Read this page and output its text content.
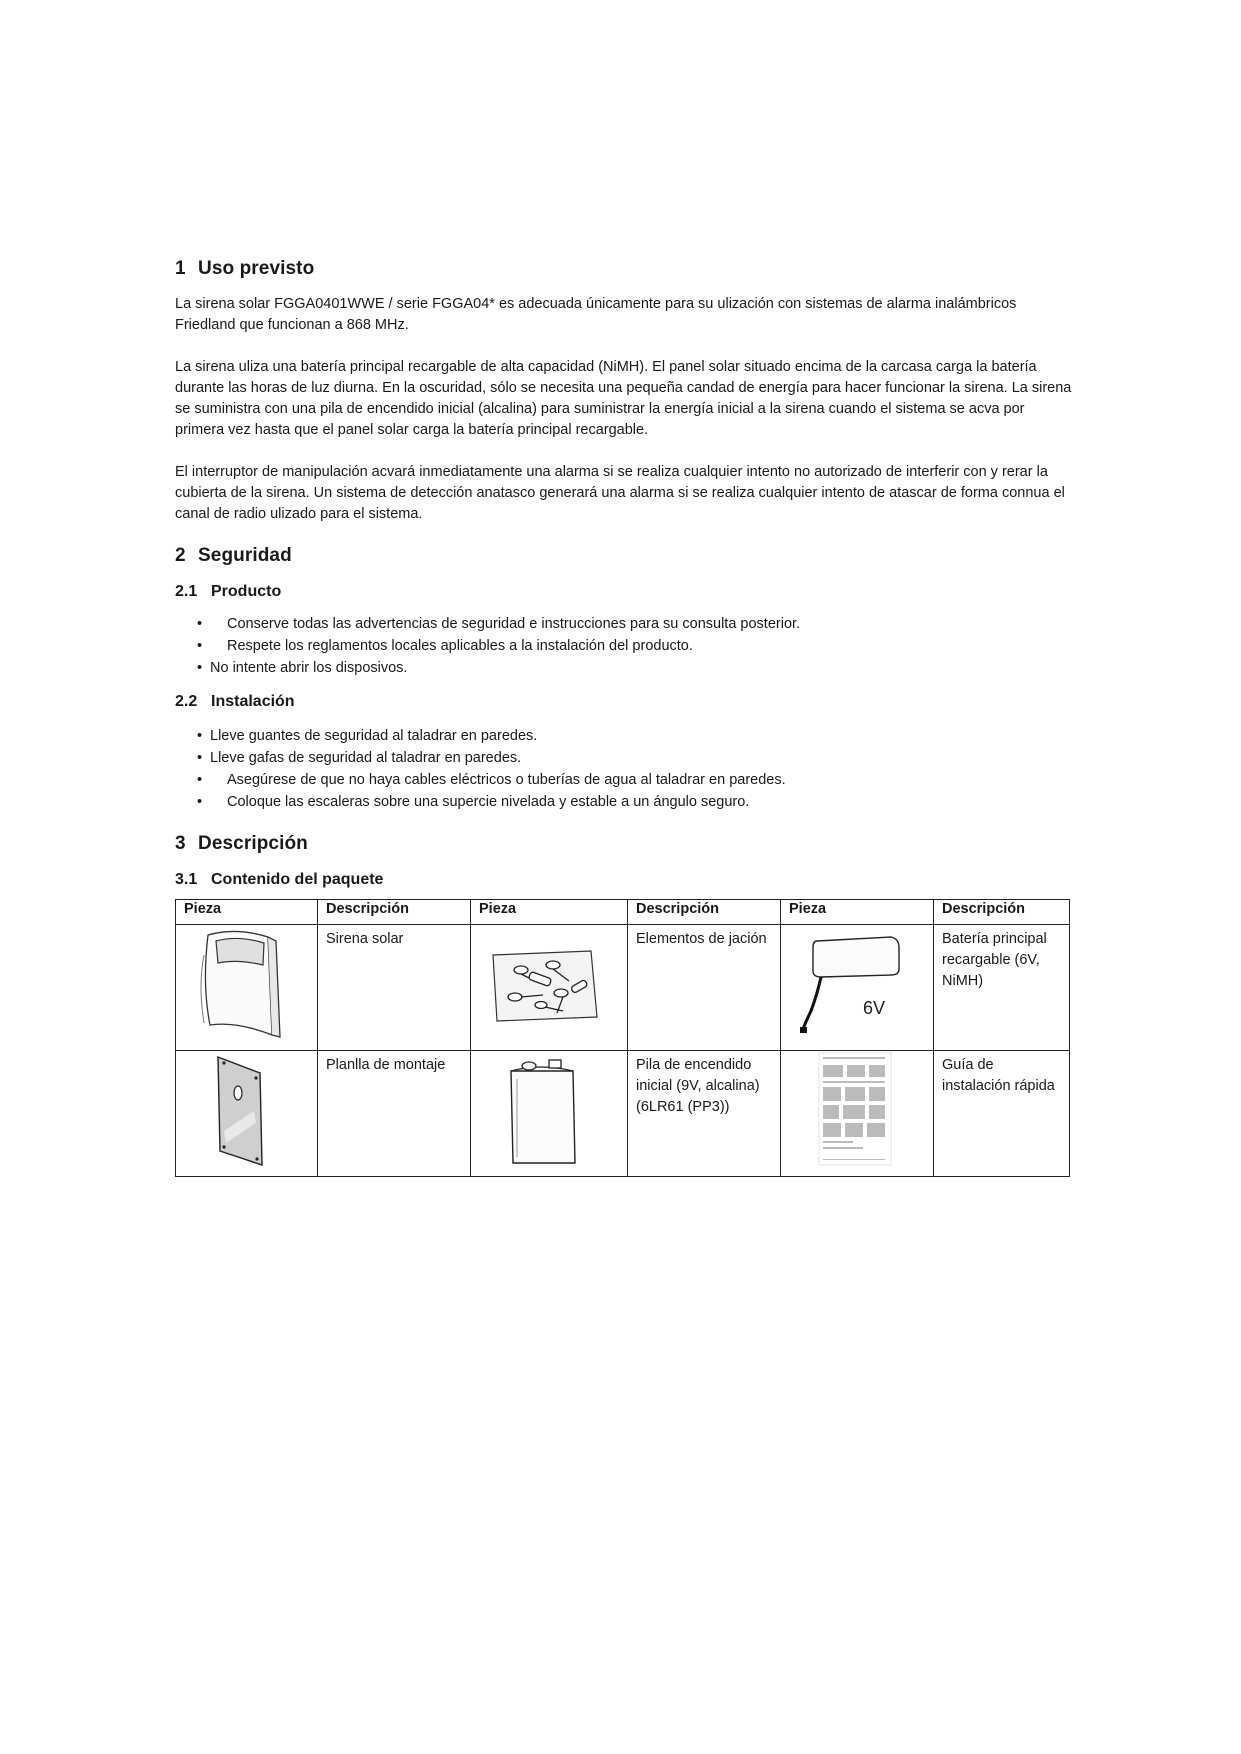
1 Uso previsto

La sirena solar FGGA0401WWE / serie FGGA04* es adecuada únicamente para su ulización con sistemas de alarma inalámbricos Friedland que funcionan a 868 MHz.

La sirena uliza una batería principal recargable de alta capacidad (NiMH). El panel solar situado encima de la carcasa carga la batería durante las horas de luz diurna. En la oscuridad, sólo se necesita una pequeña candad de energía para hacer funcionar la sirena. La sirena se suministra con una pila de encendido inicial (alcalina) para suministrar la energía inicial a la sirena cuando el sistema se acva por primera vez hasta que el panel solar carga la batería principal recargable.

El interruptor de manipulación acvará inmediatamente una alarma si se realiza cualquier intento no autorizado de interferir con y rerar la cubierta de la sirena. Un sistema de detección anatasco generará una alarma si se realiza cualquier intento de atascar de forma connua el canal de radio ulizado para el sistema.

2 Seguridad
2.1 Producto
• Conserve todas las advertencias de seguridad e instrucciones para su consulta posterior.
• Respete los reglamentos locales aplicables a la instalación del producto.
• No intente abrir los disposivos.
2.2 Instalación
• Lleve guantes de seguridad al taladrar en paredes.
• Lleve gafas de seguridad al taladrar en paredes.
• Asegúrese de que no haya cables eléctricos o tuberías de agua al taladrar en paredes.
• Coloque las escaleras sobre una supercie nivelada y estable a un ángulo seguro.
3 Descripción
3.1 Contenido del paquete
Pieza	Descripción	Pieza	Descripción	Pieza	Descripción

	Sirena solar		Elementos de jación	6V	Batería principal recargable (6V, NiMH)

	Planlla de montaje		Pila de encendido inicial (9V, alcalina) (6LR61 (PP3))		Guía de instalación rápida
